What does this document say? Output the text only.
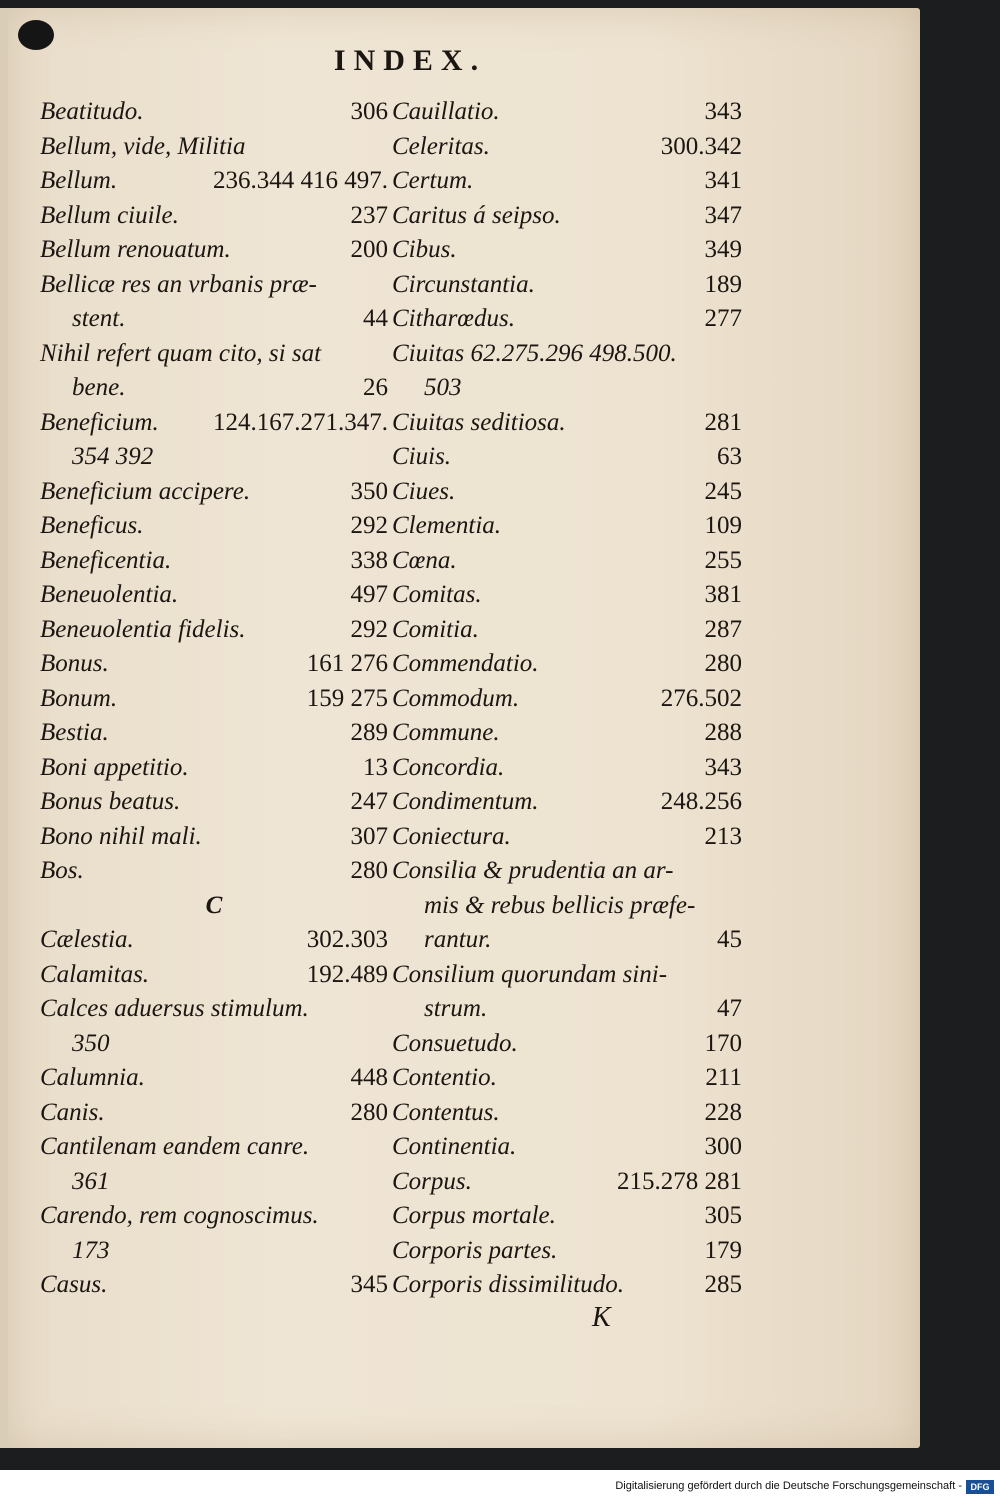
INDEX.
Beatitudo.	306
Bellum, vide, Militia
Bellum.	236.344 416 497.
Bellum ciuile.	237
Bellum renouatum.	200
Bellicæ res an vrbanis præ-
stent.	44
Nihil refert quam cito, si sat
bene.	26
Beneficium. 124.167.271.347.
354 392
Beneficium accipere.	350
Beneficus.	292
Beneficentia.	338
Beneuolentia.	497
Beneuolentia fidelis.	292
Bonus.	161 276
Bonum.	159 275
Bestia.	289
Boni appetitio.	13
Bonus beatus.	247
Bono nihil mali.	307
Bos.	280
C
Cælestia.	302.303
Calamitas.	192.489
Calces aduersus stimulum.
350
Calumnia.	448
Canis.	280
Cantilenam eandem canre.
361
Carendo, rem cognoscimus.
173
Casus.	345
Cauillatio.	343
Celeritas.	300.342
Certum.	341
Caritus á seipso.	347
Cibus.	349
Circunstantia.	189
Citharœdus.	277
Ciuitas 62.275.296 498.500.
503
Ciuitas seditiosa.	281
Ciuis.	63
Ciues.	245
Clementia.	109
Cœna.	255
Comitas.	381
Comitia.	287
Commendatio.	280
Commodum.	276.502
Commune.	288
Concordia.	343
Condimentum.	248.256
Coniectura.	213
Consilia & prudentia an ar-
mis & rebus bellicis præfe-
rantur.	45
Consilium quorundam sini-
strum.	47
Consuetudo.	170
Contentio.	211
Contentus.	228
Continentia.	300
Corpus.	215.278 281
Corpus mortale.	305
Corporis partes.	179
Corporis dissimilitudo.	285
K
Digitalisierung gefördert durch die Deutsche Forschungsgemeinschaft - DFG
